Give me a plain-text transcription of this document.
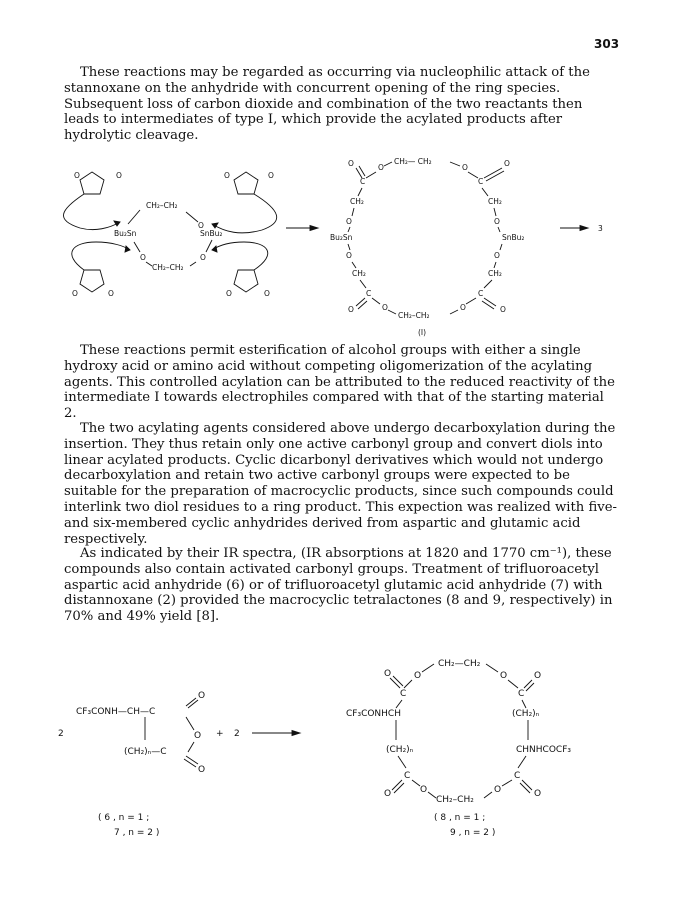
303

These reactions may be regarded as occurring via nucleophilic attack of the stannoxane on the anhydride with concurrent opening of the ring species. Subsequent loss of carbon dioxide and combination of the two reactants then leads to intermediates of type I, which provide the acylated products after hydrolytic cleavage.

O	O	O	O
CH₂–CH₂
O
Bu₂Sn	SnBu₂
O	O
CH₂–CH₂
O	O	O	O
CH₂— CH₂
O	O
C	C
O	O
CH₂	CH₂
O	O
Bu₂Sn	SnBu₂
O	O
CH₂	CH₂
C	C
O	O
O	O
CH₂–CH₂
(I)
3

These reactions permit esterification of alcohol groups with either a single hydroxy acid or amino acid without competing oligomerization of the acylating agents. This controlled acylation can be attributed to the reduced reactivity of the intermediate I towards electrophiles compared with that of the starting material 2.

The two acylating agents considered above undergo decarboxylation during the insertion. They thus retain only one active carbonyl group and convert diols into linear acylated products. Cyclic dicarbonyl derivatives which would not undergo decarboxylation and retain two active carbonyl groups were expected to be suitable for the preparation of macrocyclic products, since such compounds could interlink two diol residues to a ring product. This expection was realized with five- and six-membered cyclic anhydrides derived from aspartic and glutamic acid respectively.

As indicated by their IR spectra, (IR absorptions at 1820 and 1770 cm⁻¹), these compounds also contain activated carbonyl groups. Treatment of trifluoroacetyl aspartic acid anhydride (6) or of trifluoroacetyl glutamic acid anhydride (7) with distannoxane (2) provided the macrocyclic tetralactones (8 and 9, respectively) in 70% and 49% yield [8].

2
CF₃CONH—CH—C
O
O
(CH₂)ₙ—C
O
+ 2
CH₂—CH₂
O	O
C	C
O	O
CF₃CONHCH	(CH₂)ₙ
(CH₂)ₙ	CHNHCOCF₃
C	C
O	O
O	O
CH₂–CH₂
( 6 , n = 1 ;
7 , n = 2 )
( 8 , n = 1 ;
9 , n = 2 )
